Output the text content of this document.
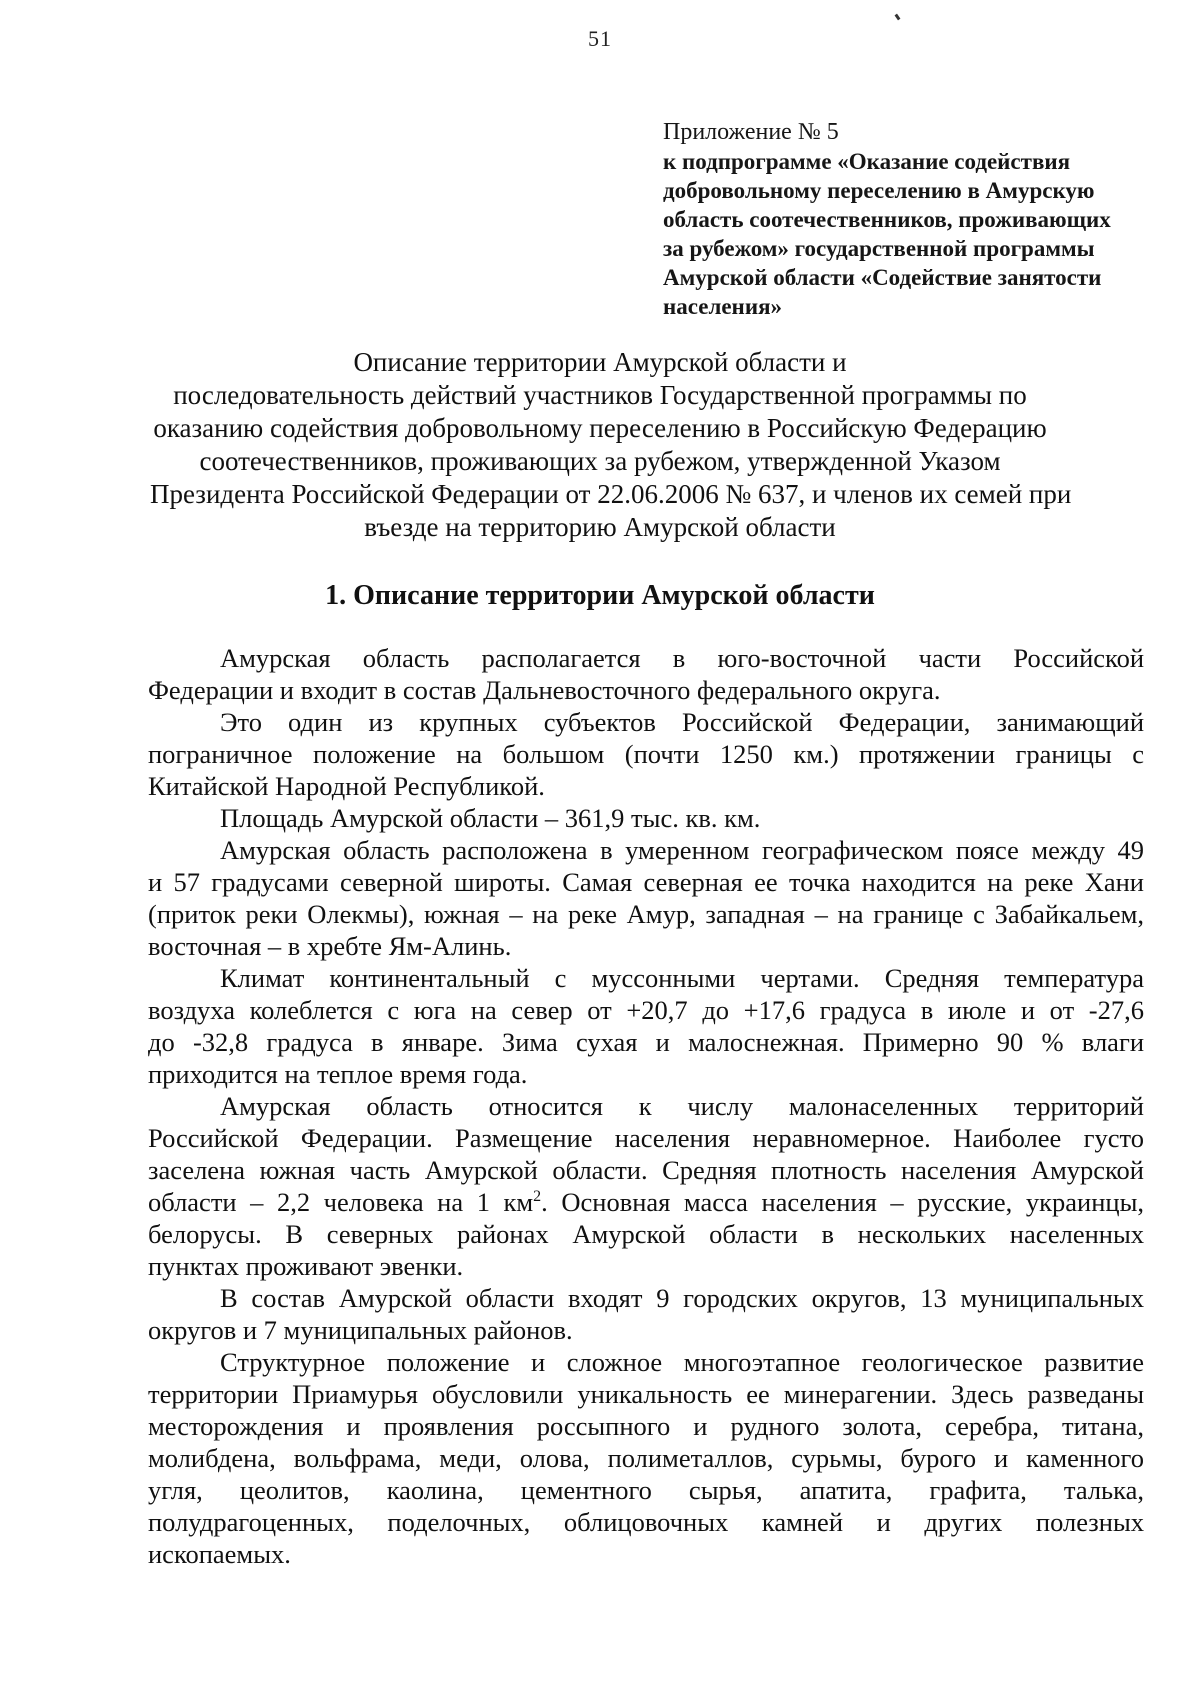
51
Приложение № 5
к подпрограмме «Оказание содействия
добровольному переселению в Амурскую
область соотечественников, проживающих
за рубежом» государственной программы
Амурской области «Содействие занятости
населения»
Описание территории Амурской области и
последовательность действий участников Государственной программы по
оказанию содействия добровольному переселению в Российскую Федерацию
соотечественников, проживающих за рубежом, утвержденной Указом
Президента Российской Федерации от 22.06.2006 № 637, и членов их семей при
въезде на территорию Амурской области
1. Описание территории Амурской области
Амурская область располагается в юго-восточной части Российской
Федерации и входит в состав Дальневосточного федерального округа.
Это один из крупных субъектов Российской Федерации, занимающий
пограничное положение на большом (почти 1250 км.) протяжении границы с
Китайской Народной Республикой.
Площадь Амурской области – 361,9 тыс. кв. км.
Амурская область расположена в умеренном географическом поясе между 49
и 57 градусами северной широты. Самая северная ее точка находится на реке Хани
(приток реки Олекмы), южная – на реке Амур, западная – на границе с Забайкальем,
восточная – в хребте Ям-Алинь.
Климат континентальный с муссонными чертами. Средняя температура
воздуха колеблется с юга на север от +20,7 до +17,6 градуса в июле и от -27,6
до -32,8 градуса в январе. Зима сухая и малоснежная. Примерно 90 % влаги
приходится на теплое время года.
Амурская область относится к числу малонаселенных территорий
Российской Федерации. Размещение населения неравномерное. Наиболее густо
заселена южная часть Амурской области. Средняя плотность населения Амурской
области – 2,2 человека на 1 $км^2$. Основная масса населения – русские, украинцы,
белорусы. В северных районах Амурской области в нескольких населенных
пунктах проживают эвенки.
В состав Амурской области входят 9 городских округов, 13 муниципальных
округов и 7 муниципальных районов.
Структурное положение и сложное многоэтапное геологическое развитие
территории Приамурья обусловили уникальность ее минерагении. Здесь разведаны
месторождения и проявления россыпного и рудного золота, серебра, титана,
молибдена, вольфрама, меди, олова, полиметаллов, сурьмы, бурого и каменного
угля, цеолитов, каолина, цементного сырья, апатита, графита, талька,
полудрагоценных, поделочных, облицовочных камней и других полезных
ископаемых.
